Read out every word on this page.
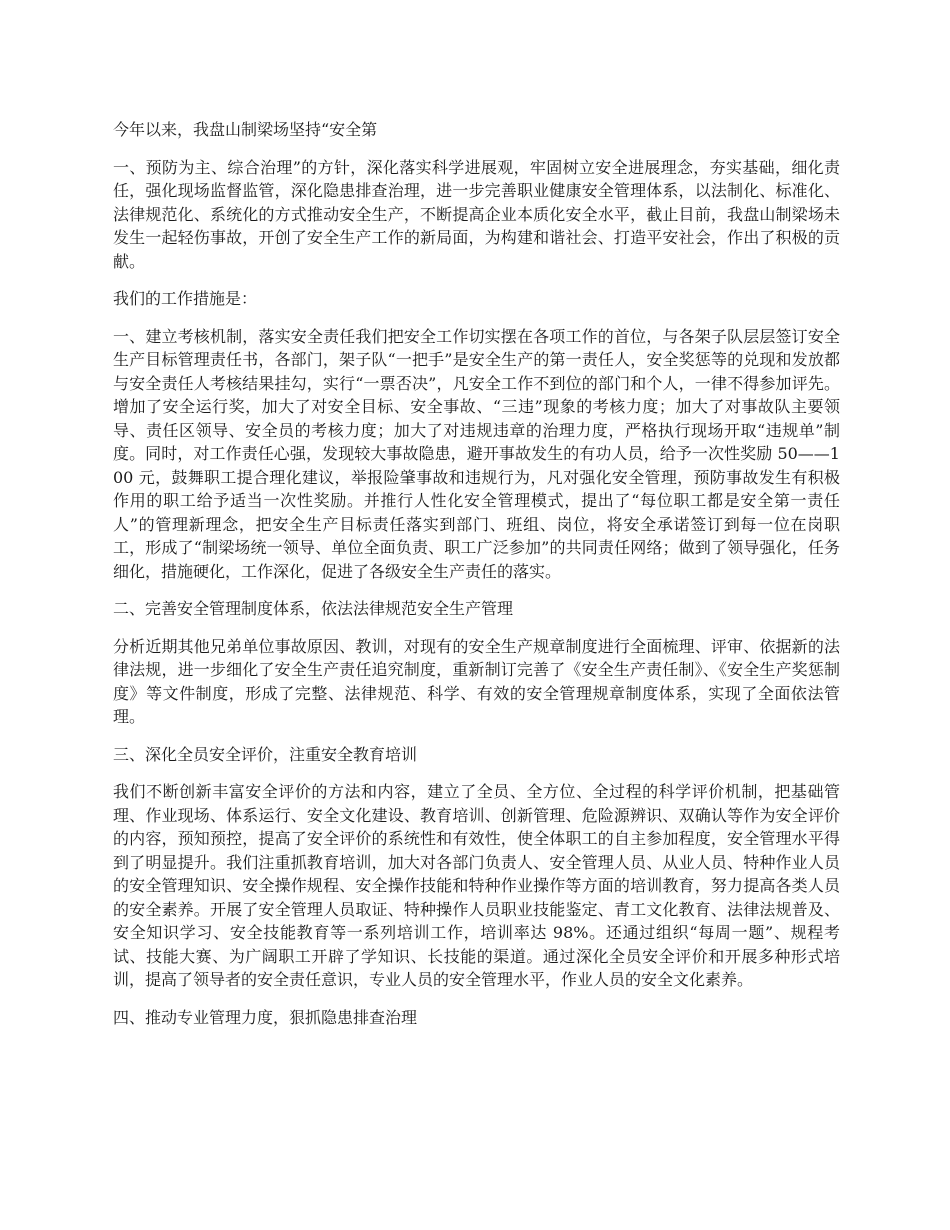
今年以来，我盘山制梁场坚持“安全第

一、预防为主、综合治理”的方针，深化落实科学进展观，牢固树立安全进展理念，夯实基础，细化责任，强化现场监督监管，深化隐患排查治理，进一步完善职业健康安全管理体系，以法制化、标准化、法律规范化、系统化的方式推动安全生产，不断提高企业本质化安全水平，截止目前，我盘山制梁场未发生一起轻伤事故，开创了安全生产工作的新局面，为构建和谐社会、打造平安社会，作出了积极的贡献。

我们的工作措施是：

一、建立考核机制，落实安全责任我们把安全工作切实摆在各项工作的首位，与各架子队层层签订安全生产目标管理责任书，各部门，架子队“一把手”是安全生产的第一责任人，安全奖惩等的兑现和发放都与安全责任人考核结果挂勾，实行“一票否决”，凡安全工作不到位的部门和个人，一律不得参加评先。增加了安全运行奖，加大了对安全目标、安全事故、“三违”现象的考核力度；加大了对事故队主要领导、责任区领导、安全员的考核力度；加大了对违规违章的治理力度，严格执行现场开取“违规单”制度。同时，对工作责任心强，发现较大事故隐患，避开事故发生的有功人员，给予一次性奖励 50——100 元，鼓舞职工提合理化建议，举报险肇事故和违规行为，凡对强化安全管理，预防事故发生有积极作用的职工给予适当一次性奖励。并推行人性化安全管理模式，提出了“每位职工都是安全第一责任人”的管理新理念，把安全生产目标责任落实到部门、班组、岗位，将安全承诺签订到每一位在岗职工，形成了“制梁场统一领导、单位全面负责、职工广泛参加”的共同责任网络；做到了领导强化，任务细化，措施硬化，工作深化，促进了各级安全生产责任的落实。

二、完善安全管理制度体系，依法法律规范安全生产管理

分析近期其他兄弟单位事故原因、教训，对现有的安全生产规章制度进行全面梳理、评审、依据新的法律法规，进一步细化了安全生产责任追究制度，重新制订完善了《安全生产责任制》、《安全生产奖惩制度》等文件制度，形成了完整、法律规范、科学、有效的安全管理规章制度体系，实现了全面依法管理。

三、深化全员安全评价，注重安全教育培训

我们不断创新丰富安全评价的方法和内容，建立了全员、全方位、全过程的科学评价机制，把基础管理、作业现场、体系运行、安全文化建设、教育培训、创新管理、危险源辨识、双确认等作为安全评价的内容，预知预控，提高了安全评价的系统性和有效性，使全体职工的自主参加程度，安全管理水平得到了明显提升。我们注重抓教育培训，加大对各部门负责人、安全管理人员、从业人员、特种作业人员的安全管理知识、安全操作规程、安全操作技能和特种作业操作等方面的培训教育，努力提高各类人员的安全素养。开展了安全管理人员取证、特种操作人员职业技能鉴定、青工文化教育、法律法规普及、安全知识学习、安全技能教育等一系列培训工作，培训率达 98%。还通过组织“每周一题”、规程考试、技能大赛、为广阔职工开辟了学知识、长技能的渠道。通过深化全员安全评价和开展多种形式培训，提高了领导者的安全责任意识，专业人员的安全管理水平，作业人员的安全文化素养。

四、推动专业管理力度，狠抓隐患排查治理
